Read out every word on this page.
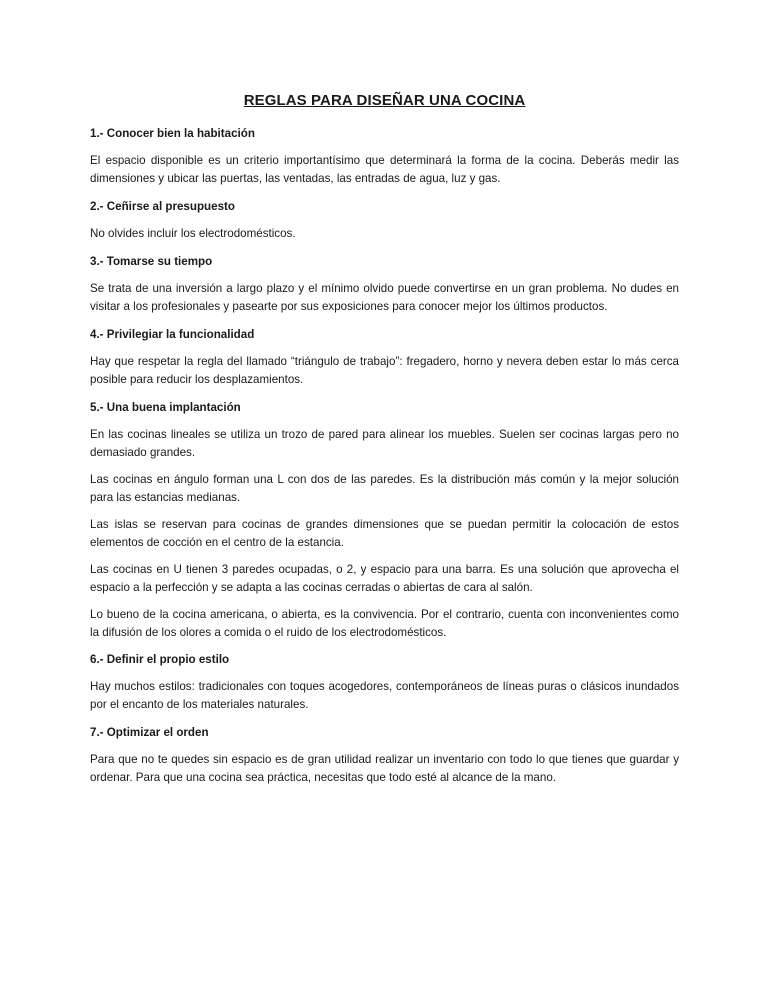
REGLAS PARA DISEÑAR UNA COCINA
1.- Conocer bien la habitación
El espacio disponible es un criterio importantísimo que determinará la forma de la cocina. Deberás medir las dimensiones y ubicar las puertas, las ventadas, las entradas de agua, luz y gas.
2.- Ceñirse al presupuesto
No olvides incluir los electrodomésticos.
3.- Tomarse su tiempo
Se trata de una inversión a largo plazo y el mínimo olvido puede convertirse en un gran problema. No dudes en visitar a los profesionales y pasearte por sus exposiciones para conocer mejor los últimos productos.
4.- Privilegiar la funcionalidad
Hay que respetar la regla del llamado “triángulo de trabajo”: fregadero, horno y nevera deben estar lo más cerca posible para reducir los desplazamientos.
5.- Una buena implantación
En las cocinas lineales se utiliza un trozo de pared para alinear los muebles. Suelen ser cocinas largas pero no demasiado grandes.
Las cocinas en ángulo forman una L con dos de las paredes. Es la distribución más común y la mejor solución para las estancias medianas.
Las islas se reservan para cocinas de grandes dimensiones que se puedan permitir la colocación de estos elementos de cocción en el centro de la estancia.
Las cocinas en U tienen 3 paredes ocupadas, o 2, y espacio para una barra. Es una solución que aprovecha el espacio a la perfección y se adapta a las cocinas cerradas o abiertas de cara al salón.
Lo bueno de la cocina americana, o abierta, es la convivencia. Por el contrario, cuenta con inconvenientes como la difusión de los olores a comida o el ruido de los electrodomésticos.
6.- Definir el propio estilo
Hay muchos estilos: tradicionales con toques acogedores, contemporáneos de líneas puras o clásicos inundados por el encanto de los materiales naturales.
7.- Optimizar el orden
Para que no te quedes sin espacio es de gran utilidad realizar un inventario con todo lo que tienes que guardar y ordenar. Para que una cocina sea práctica, necesitas que todo esté al alcance de la mano.
